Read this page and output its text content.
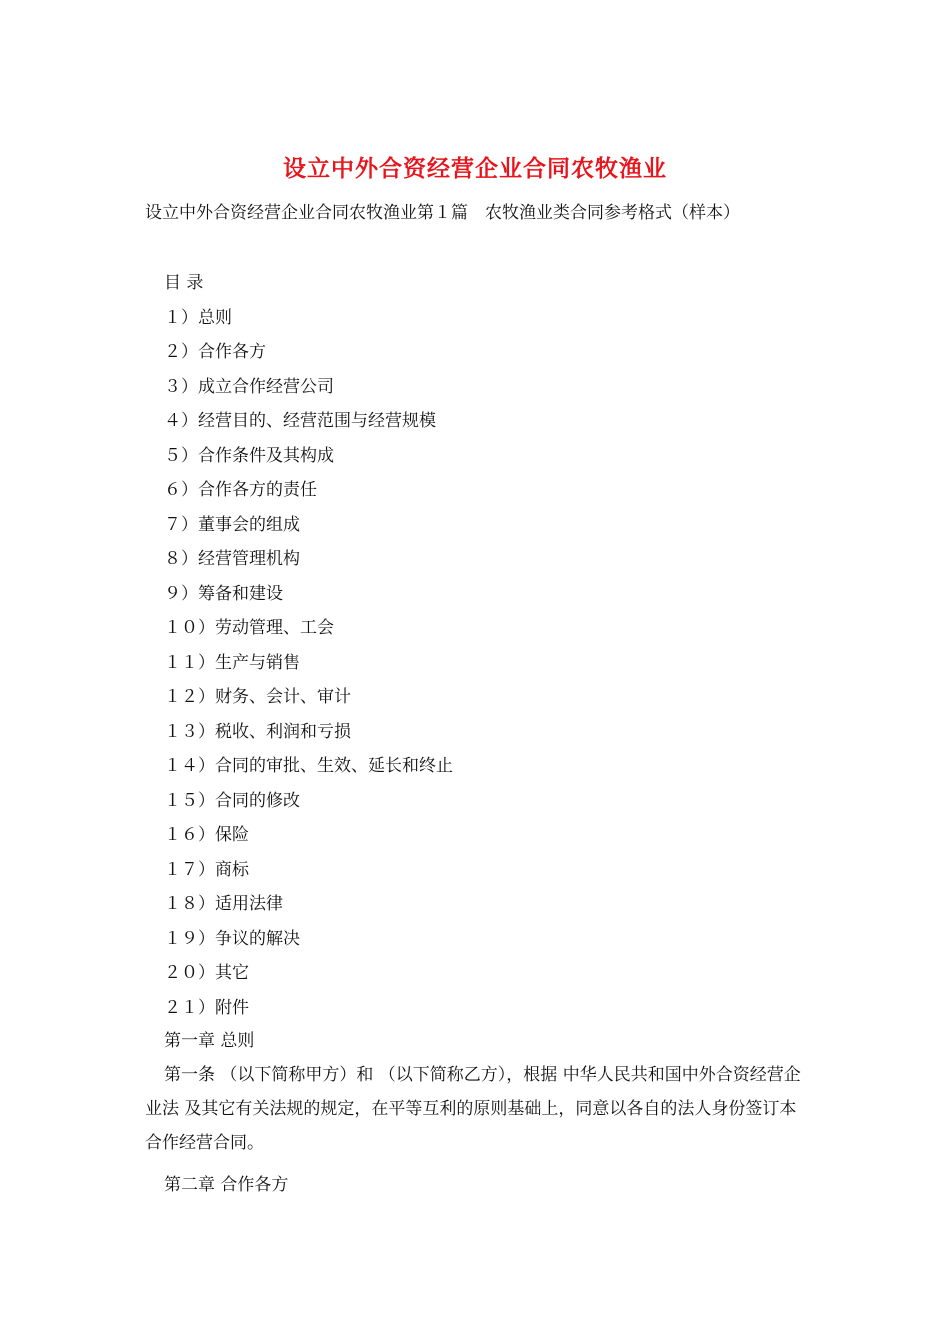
设立中外合资经营企业合同农牧渔业

设立中外合资经营企业合同农牧渔业第１篇　农牧渔业类合同参考格式（样本）

目 录
１）总则
２）合作各方
３）成立合作经营公司
４）经营目的、经营范围与经营规模
５）合作条件及其构成
６）合作各方的责任
７）董事会的组成
８）经营管理机构
９）筹备和建设
１０）劳动管理、工会
１１）生产与销售
１２）财务、会计、审计
１３）税收、利润和亏损
１４）合同的审批、生效、延长和终止
１５）合同的修改
１６）保险
１７）商标
１８）适用法律
１９）争议的解决
２０）其它
２１）附件

第一章 总则

第一条 （以下简称甲方）和 （以下简称乙方），根据 中华人民共和国中外合资经营企业法 及其它有关法规的规定，在平等互利的原则基础上，同意以各自的法人身份签订本合作经营合同。

第二章 合作各方
